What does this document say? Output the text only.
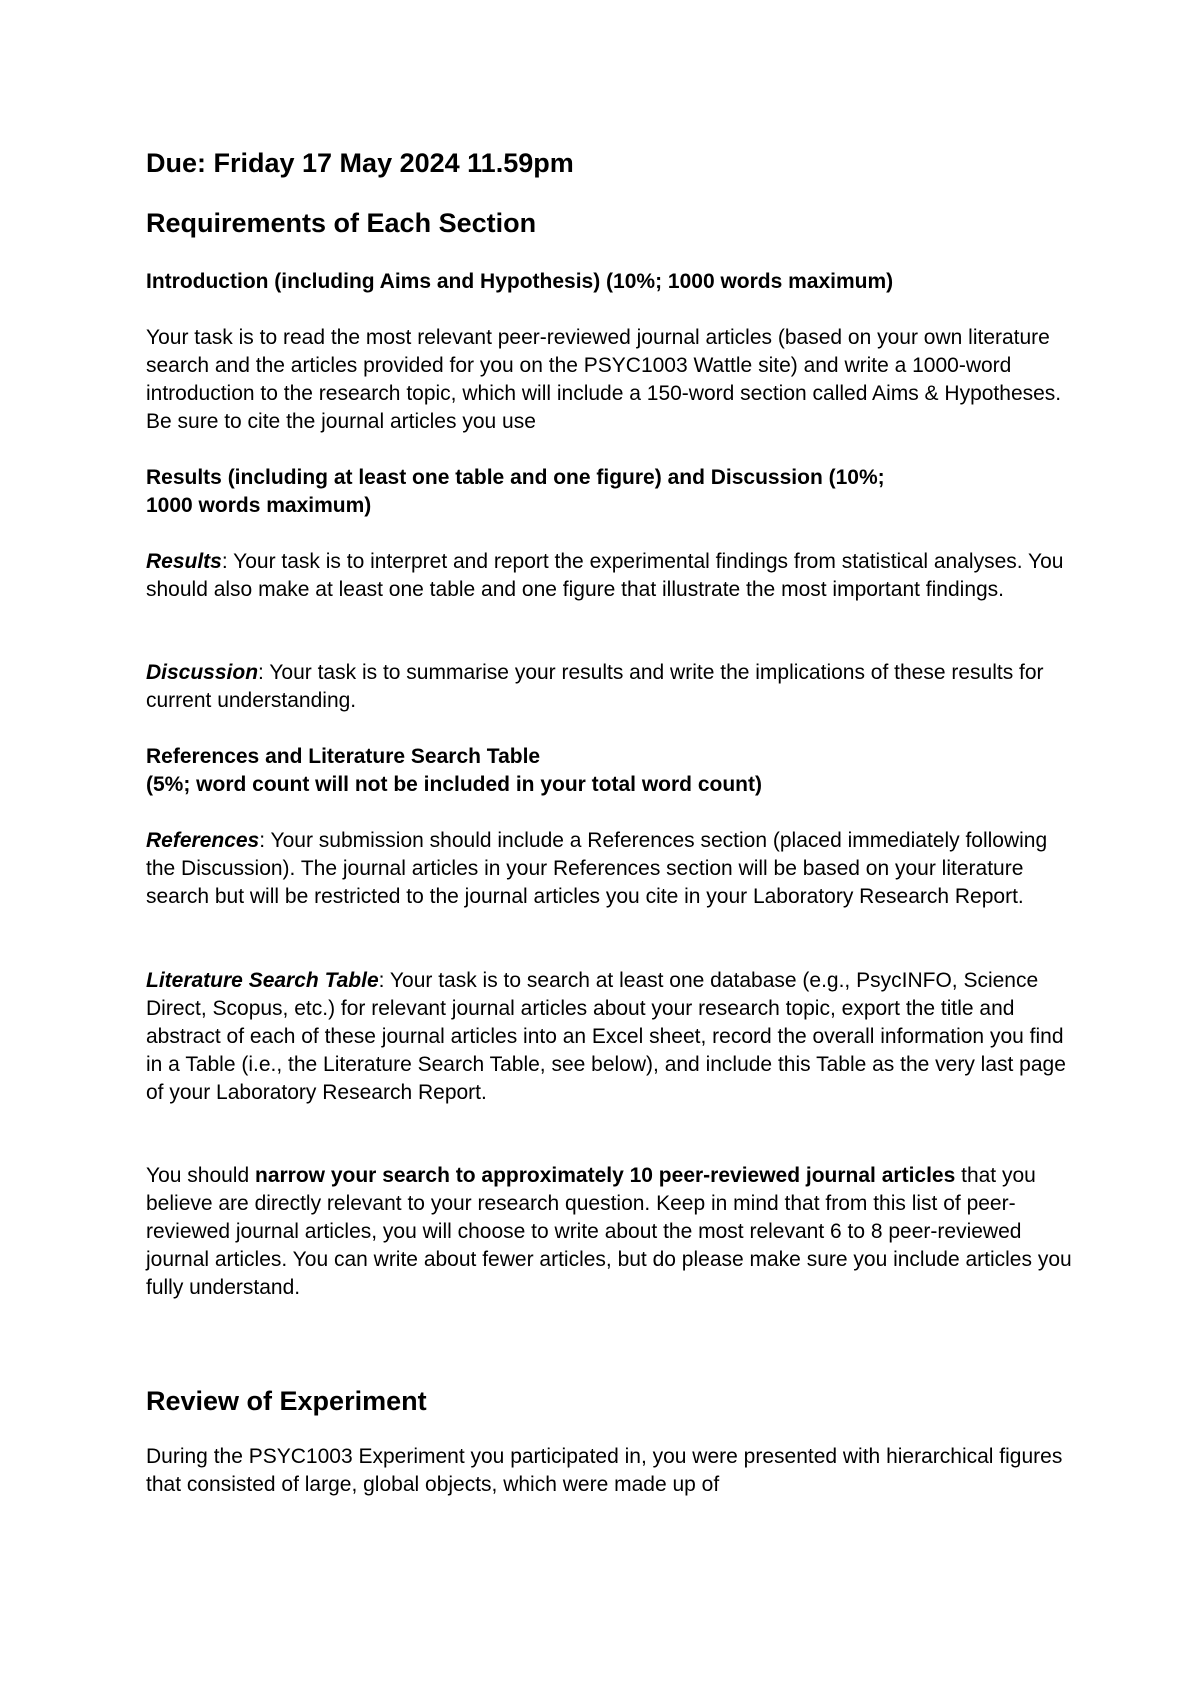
Due: Friday 17 May 2024 11.59pm
Requirements of Each Section
Introduction (including Aims and Hypothesis) (10%; 1000 words maximum)
Your task is to read the most relevant peer-reviewed journal articles (based on your own literature search and the articles provided for you on the PSYC1003 Wattle site) and write a 1000-word introduction to the research topic, which will include a 150-word section called Aims & Hypotheses. Be sure to cite the journal articles you use
Results (including at least one table and one figure) and Discussion (10%;
1000 words maximum)
Results: Your task is to interpret and report the experimental findings from statistical analyses. You should also make at least one table and one figure that illustrate the most important findings.
Discussion: Your task is to summarise your results and write the implications of these results for current understanding.
References and Literature Search Table
(5%; word count will not be included in your total word count)
References: Your submission should include a References section (placed immediately following the Discussion). The journal articles in your References section will be based on your literature search but will be restricted to the journal articles you cite in your Laboratory Research Report.
Literature Search Table: Your task is to search at least one database (e.g., PsycINFO, Science Direct, Scopus, etc.) for relevant journal articles about your research topic, export the title and abstract of each of these journal articles into an Excel sheet, record the overall information you find in a Table (i.e., the Literature Search Table, see below), and include this Table as the very last page of your Laboratory Research Report.
You should narrow your search to approximately 10 peer-reviewed journal articles that you believe are directly relevant to your research question. Keep in mind that from this list of peer-reviewed journal articles, you will choose to write about the most relevant 6 to 8 peer-reviewed journal articles. You can write about fewer articles, but do please make sure you include articles you fully understand.
Review of Experiment
During the PSYC1003 Experiment you participated in, you were presented with hierarchical figures that consisted of large, global objects, which were made up of
